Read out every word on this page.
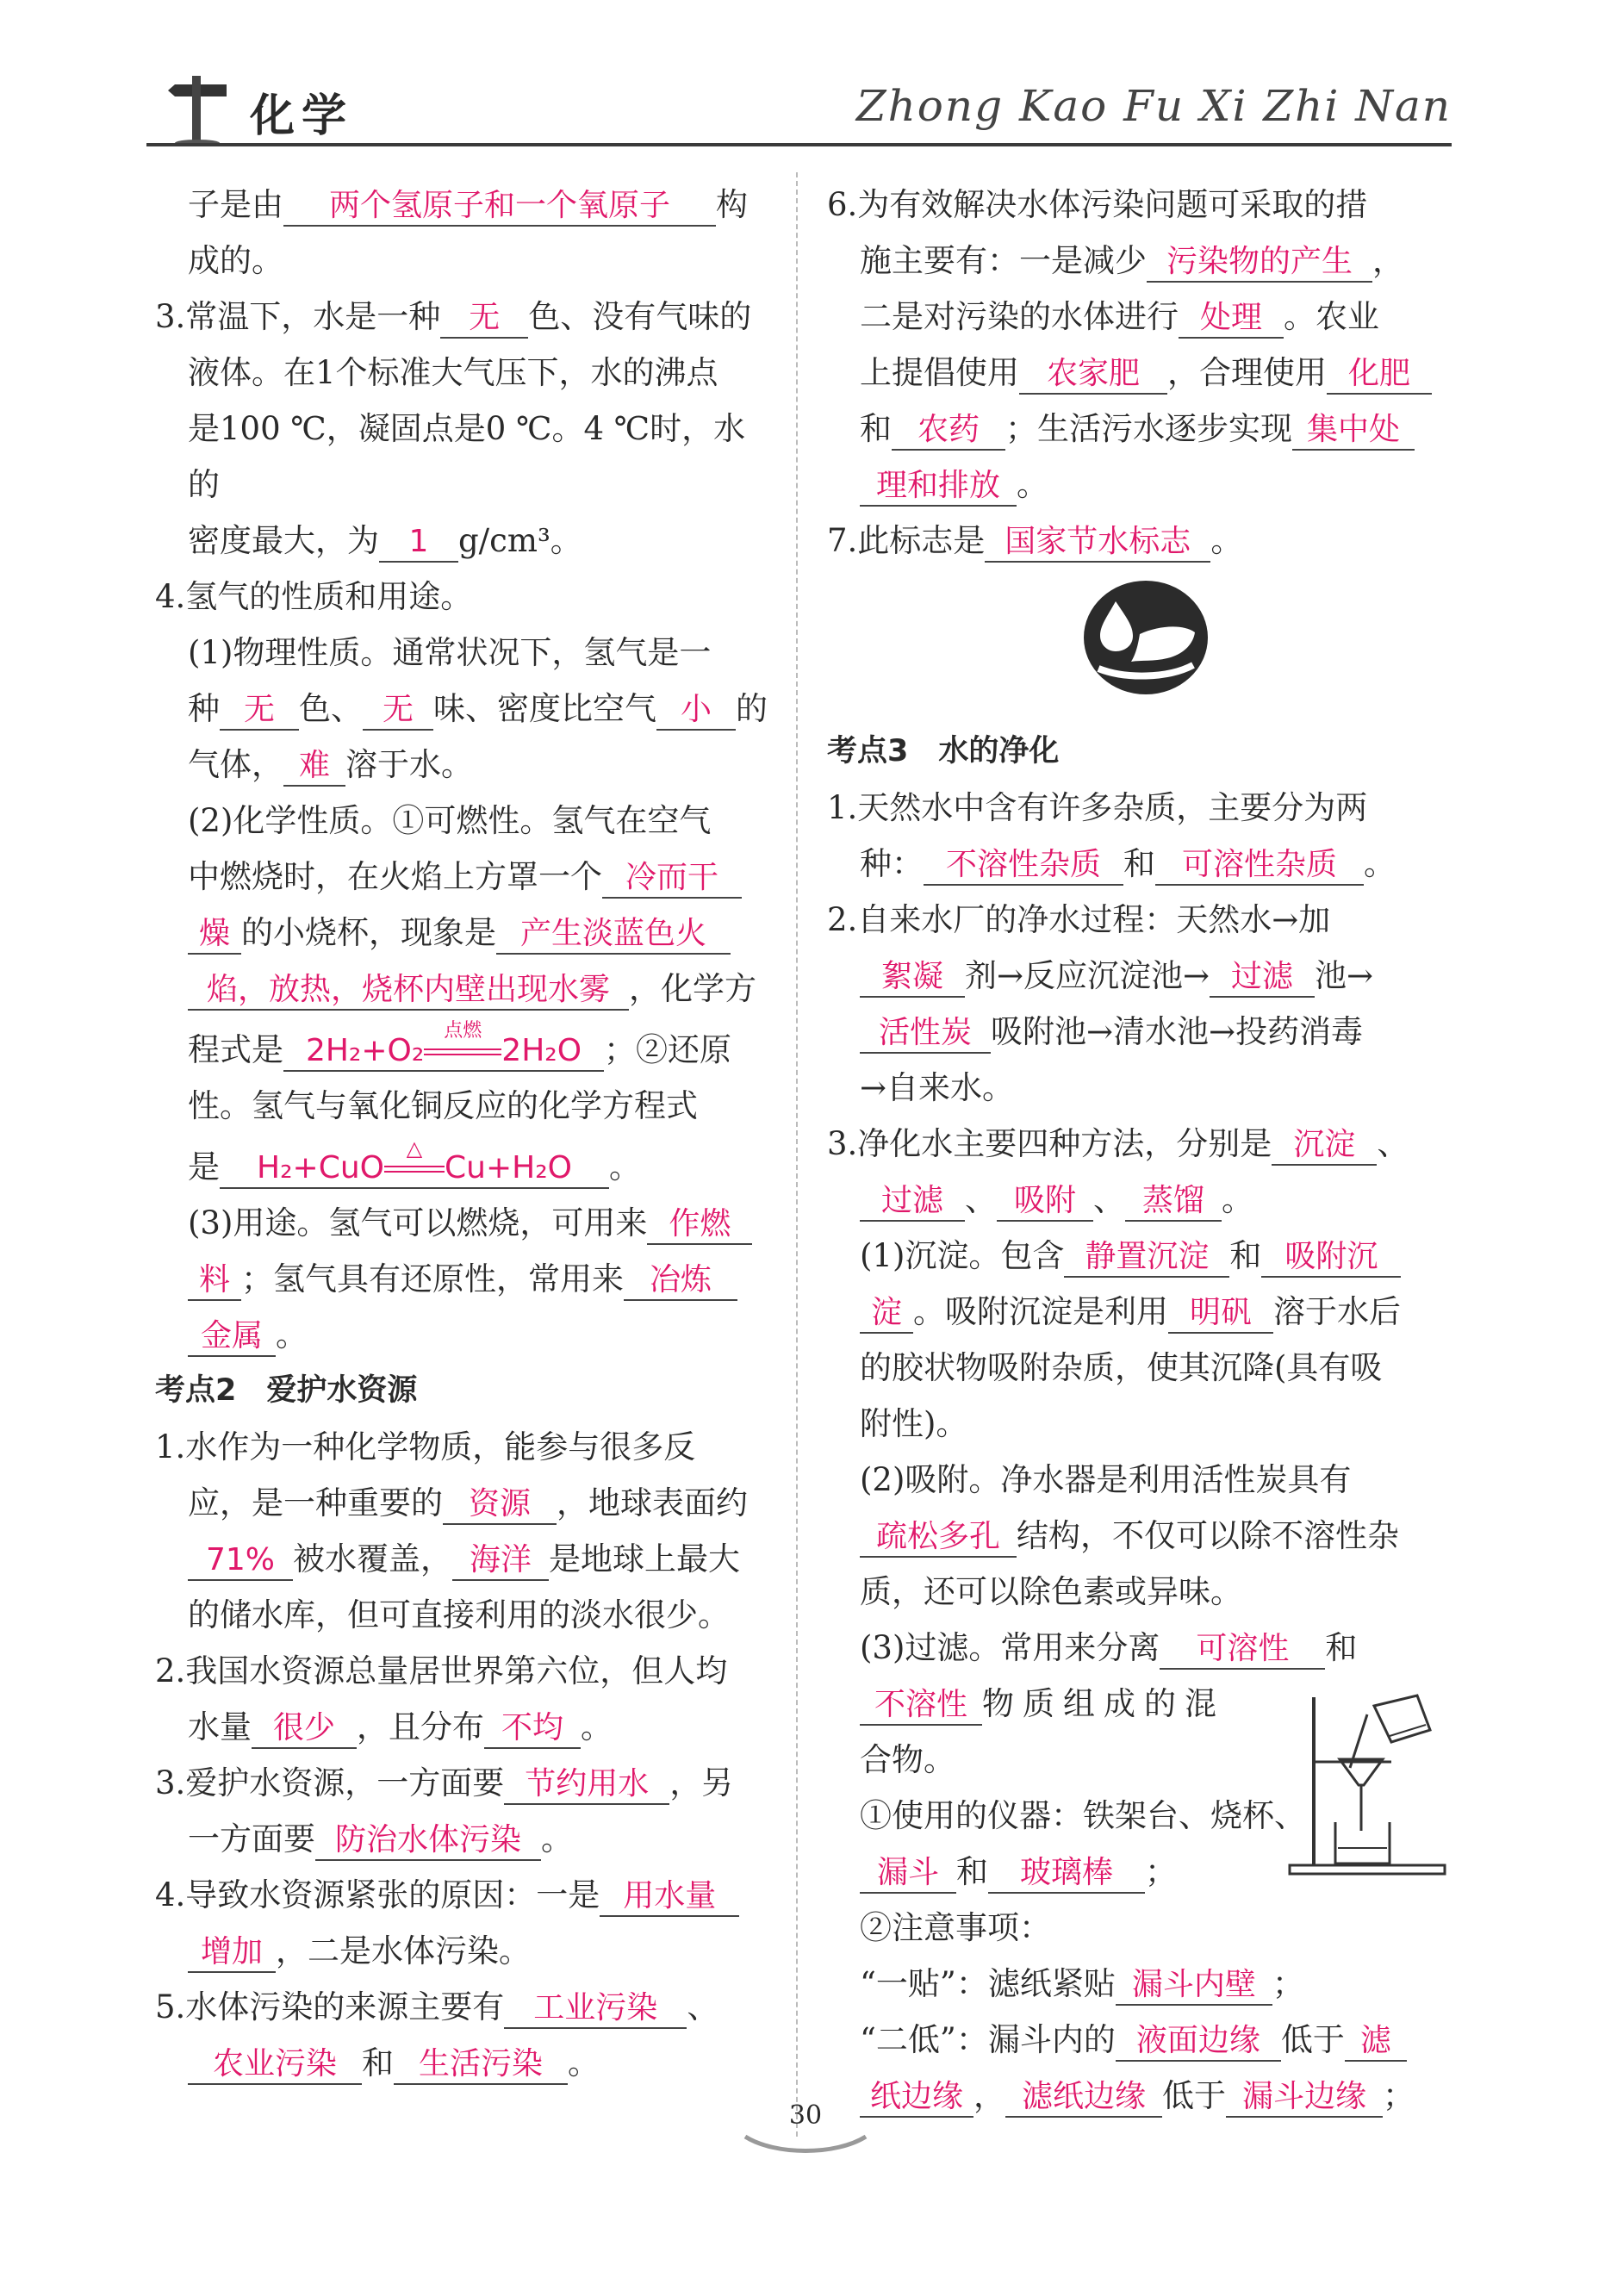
化学	Zhong Kao Fu Xi Zhi Nan
子是由 两个氢原子和一个氧原子 构
成的。
3.常温下，水是一种 无 色、没有气味的
液体。在1个标准大气压下，水的沸点
是100 ℃，凝固点是0 ℃。4 ℃时，水的
密度最大，为 1 g/cm³。
4.氢气的性质和用途。
(1)物理性质。通常状况下，氢气是一
种 无 色、 无 味、密度比空气 小 的
气体， 难 溶于水。
(2)化学性质。①可燃性。氢气在空气
中燃烧时，在火焰上方罩一个 冷而干
燥 的小烧杯，现象是 产生淡蓝色火
焰，放热，烧杯内壁出现水雾 ，化学方
程式是 2H₂+O₂
点燃
2H₂O ；②还原
性。氢气与氧化铜反应的化学方程式
是 H₂+CuO
△
Cu+H₂O 。
(3)用途。氢气可以燃烧，可用来 作燃
料 ；氢气具有还原性，常用来 冶炼
金属 。
考点2　爱护水资源
1.水作为一种化学物质，能参与很多反
应，是一种重要的 资源 ，地球表面约
71% 被水覆盖， 海洋 是地球上最大
的储水库，但可直接利用的淡水很少。
2.我国水资源总量居世界第六位，但人均
水量 很少 ，且分布 不均 。
3.爱护水资源，一方面要 节约用水 ，另
一方面要 防治水体污染 。
4.导致水资源紧张的原因：一是 用水量
增加 ，二是水体污染。
5.水体污染的来源主要有 工业污染 、
农业污染 和 生活污染 。
6.为有效解决水体污染问题可采取的措
施主要有：一是减少 污染物的产生 ，
二是对污染的水体进行 处理 。农业
上提倡使用 农家肥 ，合理使用 化肥
和 农药 ；生活污水逐步实现 集中处
理和排放 。
7.此标志是 国家节水标志 。
考点3　水的净化
1.天然水中含有许多杂质，主要分为两
种： 不溶性杂质 和 可溶性杂质 。
2.自来水厂的净水过程：天然水→加
絮凝 剂→反应沉淀池→ 过滤 池→
活性炭 吸附池→清水池→投药消毒
→自来水。
3.净化水主要四种方法，分别是 沉淀 、
过滤 、 吸附 、 蒸馏 。
(1)沉淀。包含 静置沉淀 和 吸附沉
淀 。吸附沉淀是利用 明矾 溶于水后
的胶状物吸附杂质，使其沉降(具有吸
附性)。
(2)吸附。净水器是利用活性炭具有
疏松多孔 结构，不仅可以除不溶性杂
质，还可以除色素或异味。
(3)过滤。常用来分离 可溶性 和
不溶性 物质组成的混
合物。
①使用的仪器：铁架台、烧杯、
漏斗 和 玻璃棒 ；
②注意事项：
“一贴”：滤纸紧贴 漏斗内壁 ；
“二低”：漏斗内的 液面边缘 低于 滤
纸边缘 ， 滤纸边缘 低于 漏斗边缘 ；
30
